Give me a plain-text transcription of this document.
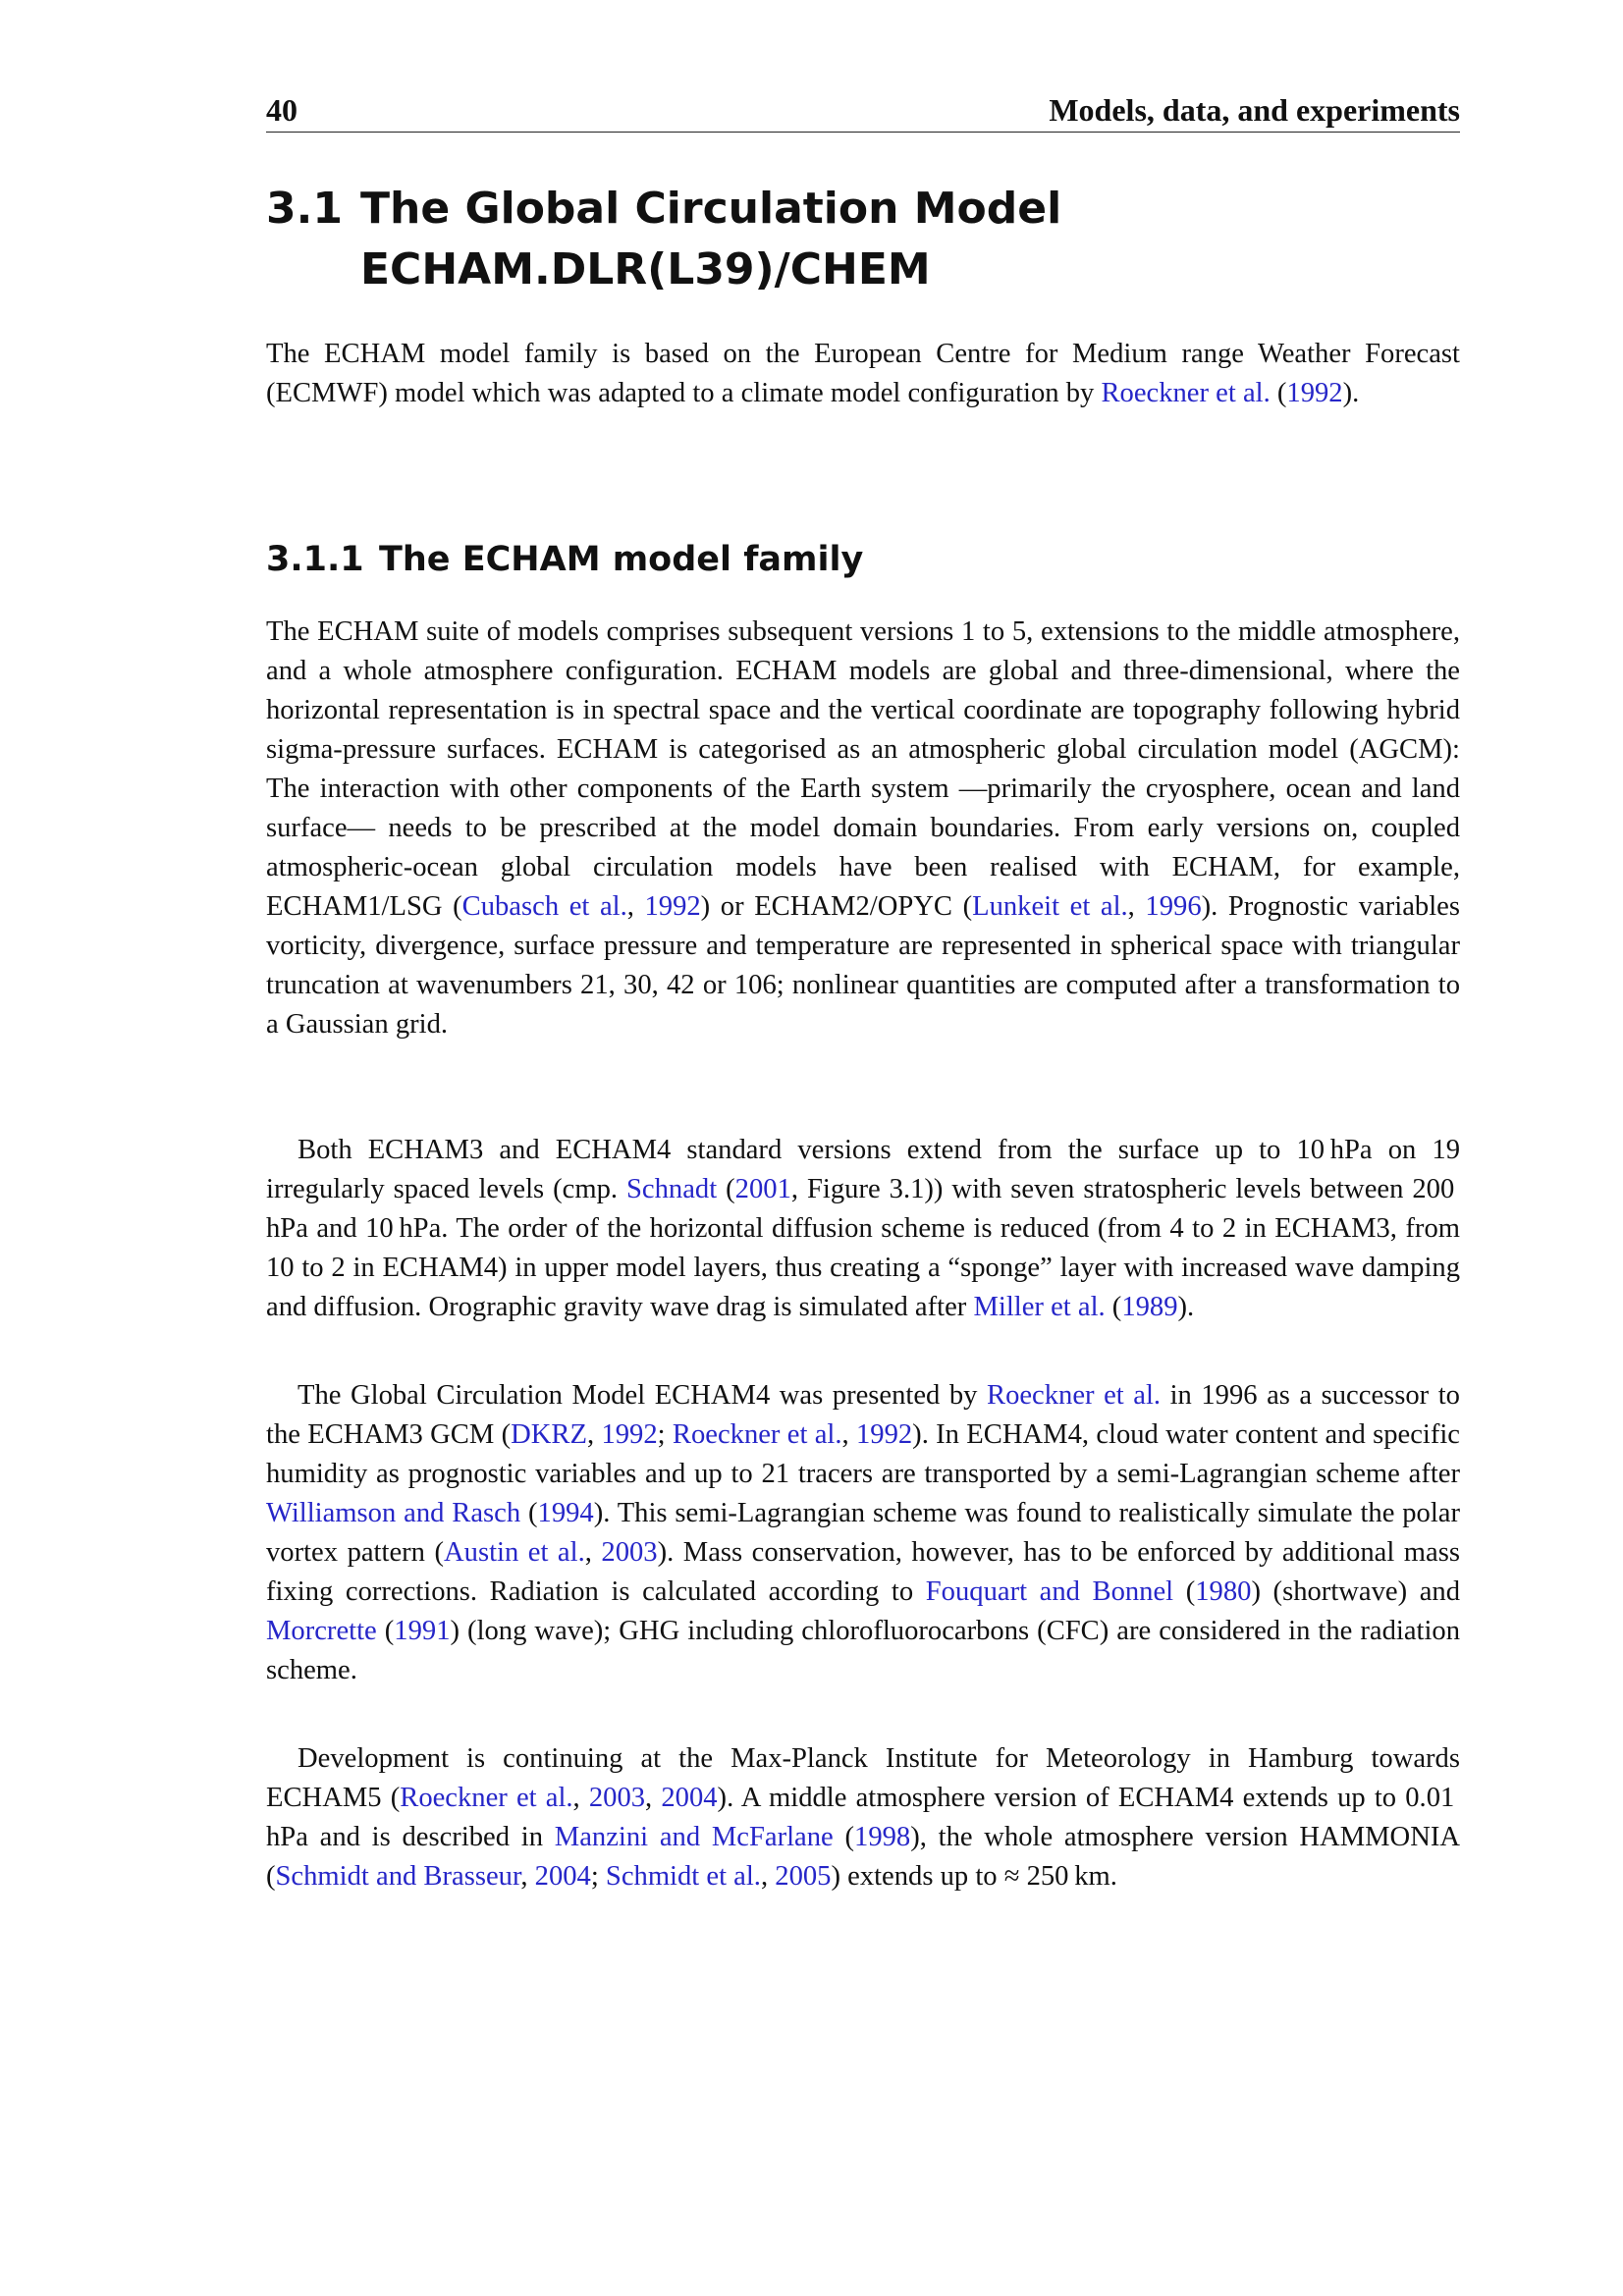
40	Models, data, and experiments
3.1 The Global Circulation Model
ECHAM.DLR(L39)/CHEM

The ECHAM model family is based on the European Centre for Medium range Weather Forecast (ECMWF) model which was adapted to a climate model configuration by Roeckner et al. (1992).

3.1.1 The ECHAM model family

The ECHAM suite of models comprises subsequent versions 1 to 5, extensions to the middle atmosphere, and a whole atmosphere configuration. ECHAM models are global and three-dimensional, where the horizontal representation is in spectral space and the vertical coordinate are topography following hybrid sigma-pressure surfaces. ECHAM is categorised as an atmospheric global circulation model (AGCM): The interaction with other components of the Earth system —primarily the cryosphere, ocean and land surface— needs to be prescribed at the model domain boundaries. From early versions on, coupled atmospheric-ocean global circulation models have been realised with ECHAM, for example, ECHAM1/LSG (Cubasch et al., 1992) or ECHAM2/OPYC (Lunkeit et al., 1996). Prognostic variables vorticity, divergence, surface pressure and temperature are represented in spherical space with triangular truncation at wavenumbers 21, 30, 42 or 106; nonlinear quantities are computed after a transformation to a Gaussian grid.

Both ECHAM3 and ECHAM4 standard versions extend from the surface up to 10 hPa on 19 irregularly spaced levels (cmp. Schnadt (2001, Figure 3.1)) with seven stratospheric levels between 200 hPa and 10 hPa. The order of the horizontal diffusion scheme is reduced (from 4 to 2 in ECHAM3, from 10 to 2 in ECHAM4) in upper model layers, thus creating a “sponge” layer with increased wave damping and diffusion. Orographic gravity wave drag is simulated after Miller et al. (1989).

The Global Circulation Model ECHAM4 was presented by Roeckner et al. in 1996 as a successor to the ECHAM3 GCM (DKRZ, 1992; Roeckner et al., 1992). In ECHAM4, cloud water content and specific humidity as prognostic variables and up to 21 tracers are transported by a semi-Lagrangian scheme after Williamson and Rasch (1994). This semi-Lagrangian scheme was found to realistically simulate the polar vortex pattern (Austin et al., 2003). Mass conservation, however, has to be enforced by additional mass fixing corrections. Radiation is calculated according to Fouquart and Bonnel (1980) (shortwave) and Morcrette (1991) (long wave); GHG including chlorofluorocarbons (CFC) are considered in the radiation scheme.

Development is continuing at the Max-Planck Institute for Meteorology in Hamburg towards ECHAM5 (Roeckner et al., 2003, 2004). A middle atmosphere version of ECHAM4 extends up to 0.01 hPa and is described in Manzini and McFarlane (1998), the whole atmosphere version HAMMONIA (Schmidt and Brasseur, 2004; Schmidt et al., 2005) extends up to ≈ 250 km.
